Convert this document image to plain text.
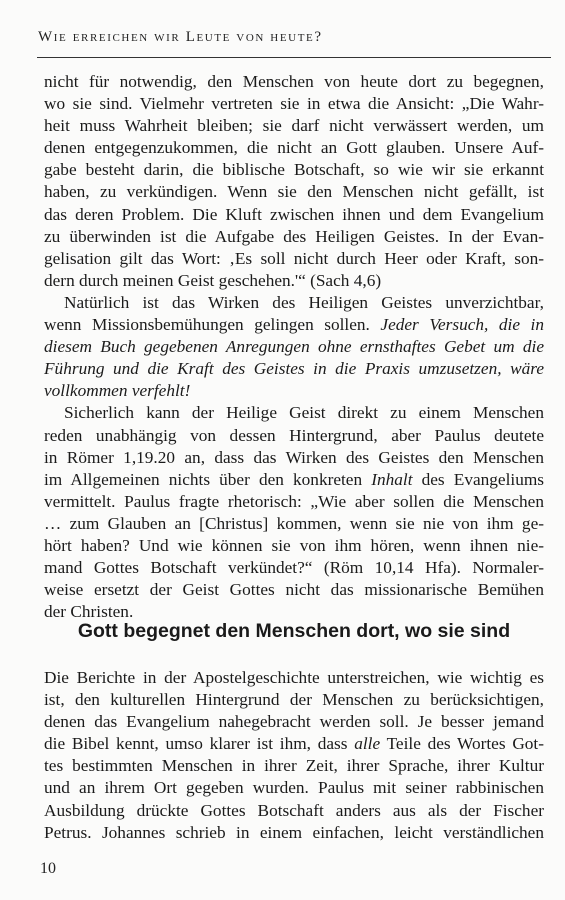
Wie erreichen wir Leute von heute?
nicht für notwendig, den Menschen von heute dort zu begegnen,
wo sie sind. Vielmehr vertreten sie in etwa die Ansicht: „Die Wahr-
heit muss Wahrheit bleiben; sie darf nicht verwässert werden, um
denen entgegenzukommen, die nicht an Gott glauben. Unsere Auf-
gabe besteht darin, die biblische Botschaft, so wie wir sie erkannt
haben, zu verkündigen. Wenn sie den Menschen nicht gefällt, ist
das deren Problem. Die Kluft zwischen ihnen und dem Evangelium
zu überwinden ist die Aufgabe des Heiligen Geistes. In der Evan-
gelisation gilt das Wort: ‚Es soll nicht durch Heer oder Kraft, son-
dern durch meinen Geist geschehen.'“ (Sach 4,6)
Natürlich ist das Wirken des Heiligen Geistes unverzichtbar,
wenn Missionsbemühungen gelingen sollen. Jeder Versuch, die in
diesem Buch gegebenen Anregungen ohne ernsthaftes Gebet um die
Führung und die Kraft des Geistes in die Praxis umzusetzen, wäre
vollkommen verfehlt!
Sicherlich kann der Heilige Geist direkt zu einem Menschen
reden unabhängig von dessen Hintergrund, aber Paulus deutete
in Römer 1,19.20 an, dass das Wirken des Geistes den Menschen
im Allgemeinen nichts über den konkreten Inhalt des Evangeliums
vermittelt. Paulus fragte rhetorisch: „Wie aber sollen die Menschen
… zum Glauben an [Christus] kommen, wenn sie nie von ihm ge-
hört haben? Und wie können sie von ihm hören, wenn ihnen nie-
mand Gottes Botschaft verkündet?“ (Röm 10,14 Hfa). Normaler-
weise ersetzt der Geist Gottes nicht das missionarische Bemühen
der Christen.
Gott begegnet den Menschen dort, wo sie sind
Die Berichte in der Apostelgeschichte unterstreichen, wie wichtig es
ist, den kulturellen Hintergrund der Menschen zu berücksichtigen,
denen das Evangelium nahegebracht werden soll. Je besser jemand
die Bibel kennt, umso klarer ist ihm, dass alle Teile des Wortes Got-
tes bestimmten Menschen in ihrer Zeit, ihrer Sprache, ihrer Kultur
und an ihrem Ort gegeben wurden. Paulus mit seiner rabbinischen
Ausbildung drückte Gottes Botschaft anders aus als der Fischer
Petrus. Johannes schrieb in einem einfachen, leicht verständlichen
10
